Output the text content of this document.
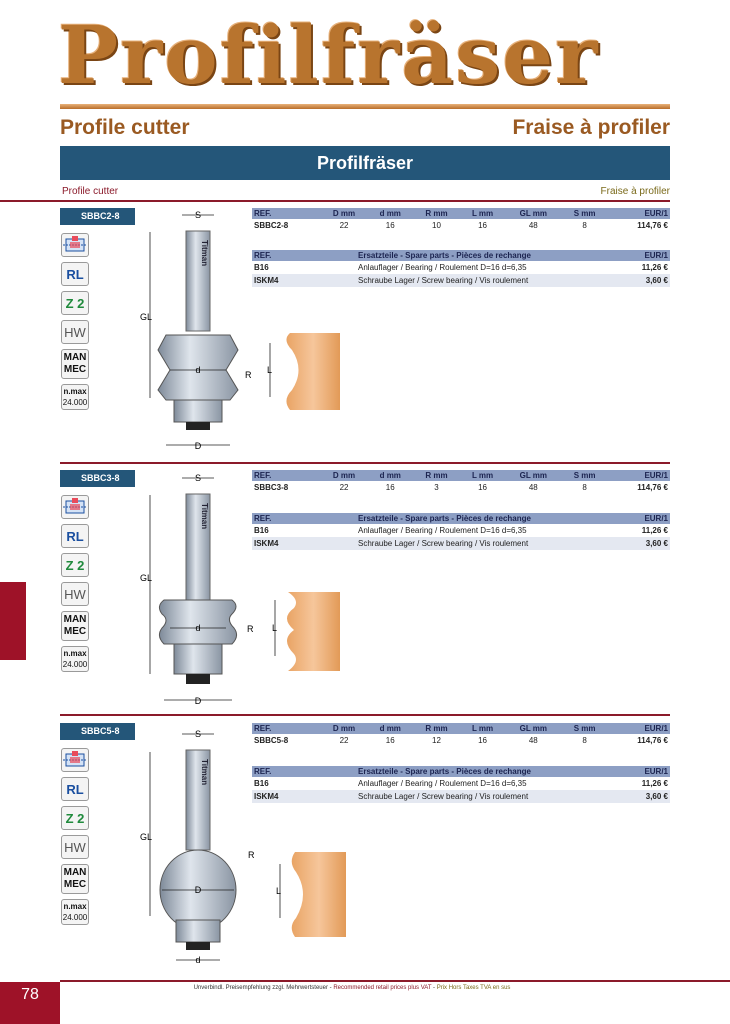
Profilfräser
Profile cutter	Fraise à profiler
Profilfräser
Profile cutter	Fraise à profiler
SBBC2-8
RL
Z 2
HW
MAN
MEC
n.max
24.000
S
Titman
d	R
GL
D
L
REF.	D mm	d mm	R mm	L mm	GL mm	S mm	EUR/1
SBBC2-8	22	16	10	16	48	8	114,76 €
REF.	Ersatzteile - Spare parts - Pièces de rechange	EUR/1
B16	Anlauflager / Bearing / Roulement D=16 d=6,35	11,26 €
ISKM4	Schraube Lager / Screw bearing / Vis roulement	3,60 €
SBBC3-8
RL
Z 2
HW
MAN
MEC
n.max
24.000
S
Titman
d	R
GL
D
L
REF.	D mm	d mm	R mm	L mm	GL mm	S mm	EUR/1
SBBC3-8	22	16	3	16	48	8	114,76 €
REF.	Ersatzteile - Spare parts - Pièces de rechange	EUR/1
B16	Anlauflager / Bearing / Roulement D=16 d=6,35	11,26 €
ISKM4	Schraube Lager / Screw bearing / Vis roulement	3,60 €
SBBC5-8
RL
Z 2
HW
MAN
MEC
n.max
24.000
S
Titman
D
R
GL
d
L
REF.	D mm	d mm	R mm	L mm	GL mm	S mm	EUR/1
SBBC5-8	22	16	12	16	48	8	114,76 €
REF.	Ersatzteile - Spare parts - Pièces de rechange	EUR/1
B16	Anlauflager / Bearing / Roulement D=16 d=6,35	11,26 €
ISKM4	Schraube Lager / Screw bearing / Vis roulement	3,60 €
78	Unverbindl. Preisempfehlung zzgl. Mehrwertsteuer - Recommended retail prices plus VAT - Prix Hors Taxes TVA en sus
